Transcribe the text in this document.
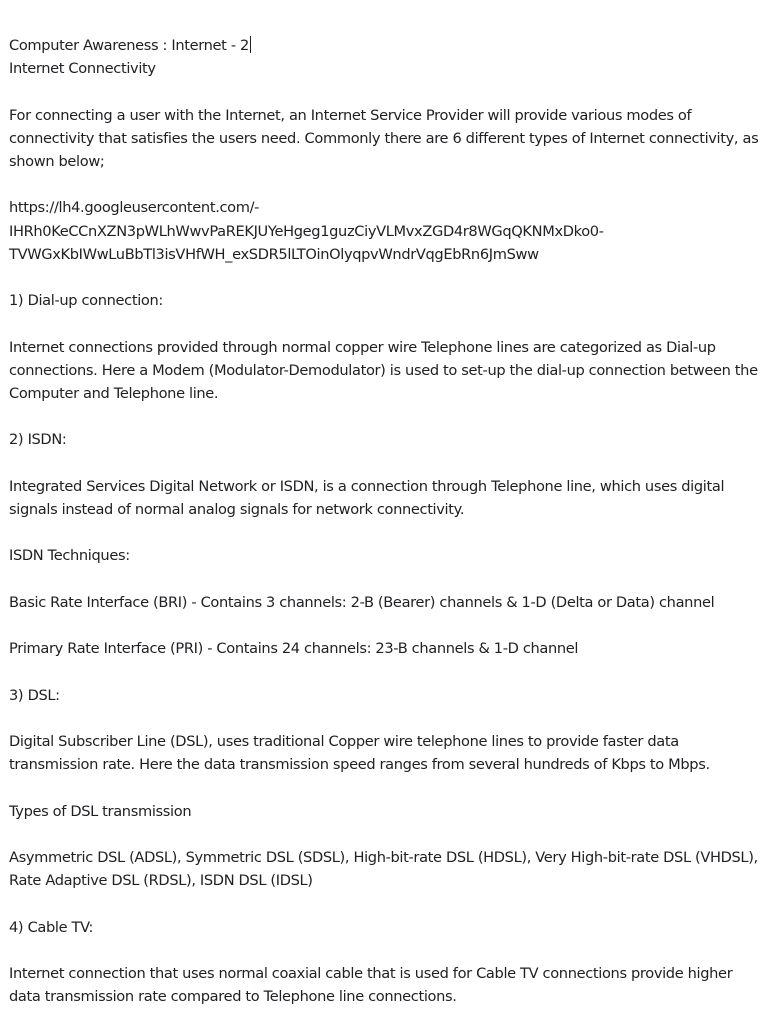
Computer Awareness : Internet - 2
Internet Connectivity

For connecting a user with the Internet, an Internet Service Provider will provide various modes of connectivity that satisfies the users need. Commonly there are 6 different types of Internet connectivity, as shown below;

https://lh4.googleusercontent.com/-
IHRh0KeCCnXZN3pWLhWwvPaREKJUYeHgeg1guzCiyVLMvxZGD4r8WGqQKNMxDko0-
TVWGxKbIWwLuBbTl3isVHfWH_exSDR5lLTOinOlyqpvWndrVqgEbRn6JmSww

1) Dial-up connection:

Internet connections provided through normal copper wire Telephone lines are categorized as Dial-up connections. Here a Modem (Modulator-Demodulator) is used to set-up the dial-up connection between the Computer and Telephone line.

2) ISDN:

Integrated Services Digital Network or ISDN, is a connection through Telephone line, which uses digital signals instead of normal analog signals for network connectivity.

ISDN Techniques:

Basic Rate Interface (BRI) - Contains 3 channels: 2-B (Bearer) channels & 1-D (Delta or Data) channel

Primary Rate Interface (PRI) - Contains 24 channels: 23-B channels & 1-D channel

3) DSL:

Digital Subscriber Line (DSL), uses traditional Copper wire telephone lines to provide faster data transmission rate. Here the data transmission speed ranges from several hundreds of Kbps to Mbps.

Types of DSL transmission

Asymmetric DSL (ADSL), Symmetric DSL (SDSL), High-bit-rate DSL (HDSL), Very High-bit-rate DSL (VHDSL), Rate Adaptive DSL (RDSL), ISDN DSL (IDSL)

4) Cable TV:

Internet connection that uses normal coaxial cable that is used for Cable TV connections provide higher data transmission rate compared to Telephone line connections.
